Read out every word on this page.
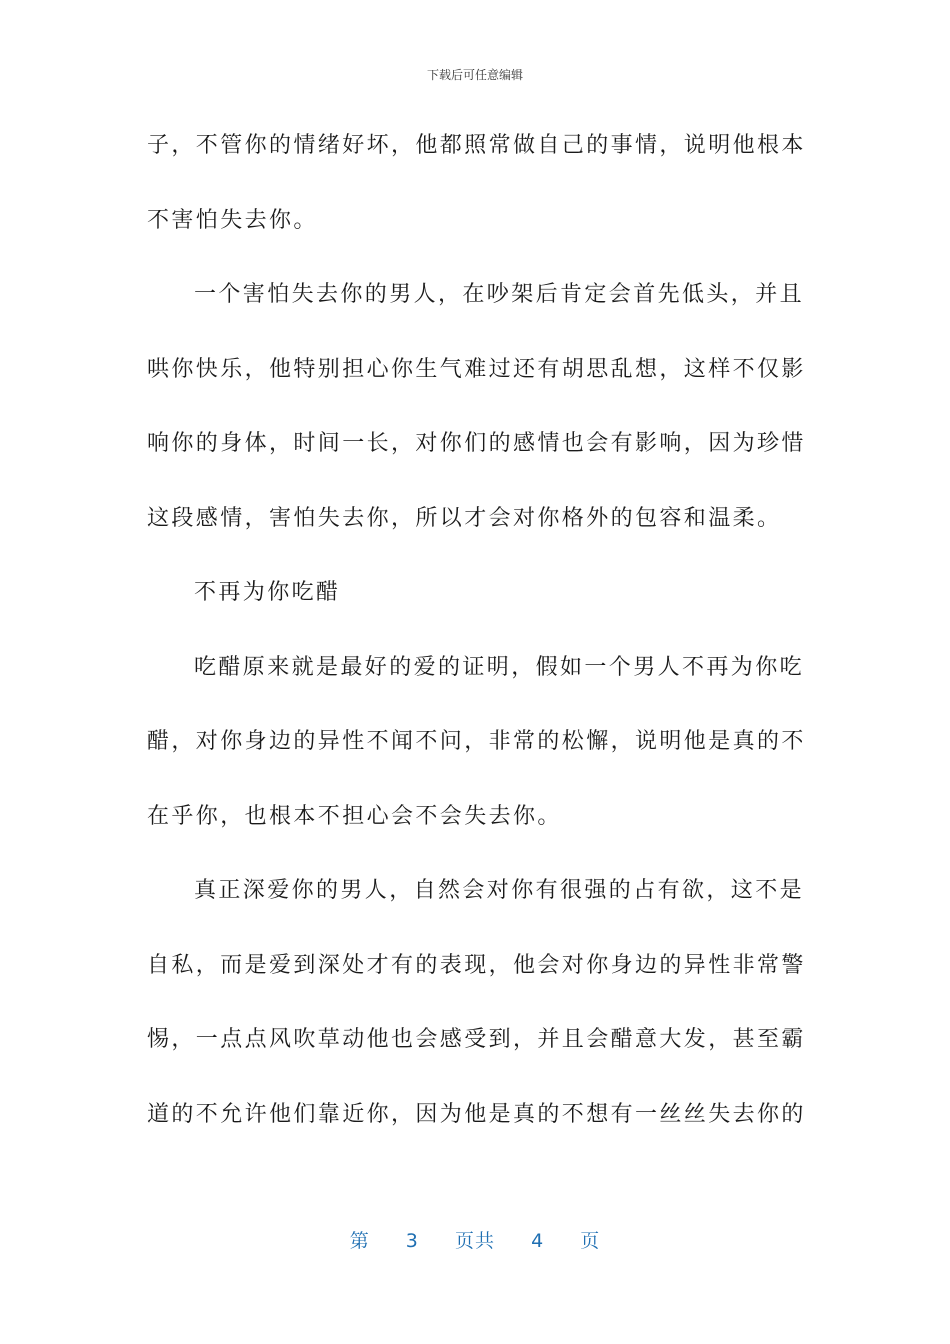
下载后可任意编辑
子，不管你的情绪好坏，他都照常做自己的事情，说明他根本
不害怕失去你。
一个害怕失去你的男人，在吵架后肯定会首先低头，并且
哄你快乐，他特别担心你生气难过还有胡思乱想，这样不仅影
响你的身体，时间一长，对你们的感情也会有影响，因为珍惜
这段感情，害怕失去你，所以才会对你格外的包容和温柔。
不再为你吃醋
吃醋原来就是最好的爱的证明，假如一个男人不再为你吃
醋，对你身边的异性不闻不问，非常的松懈，说明他是真的不
在乎你，也根本不担心会不会失去你。
真正深爱你的男人，自然会对你有很强的占有欲，这不是
自私，而是爱到深处才有的表现，他会对你身边的异性非常警
惕，一点点风吹草动他也会感受到，并且会醋意大发，甚至霸
道的不允许他们靠近你，因为他是真的不想有一丝丝失去你的
第 3 页共 4 页
